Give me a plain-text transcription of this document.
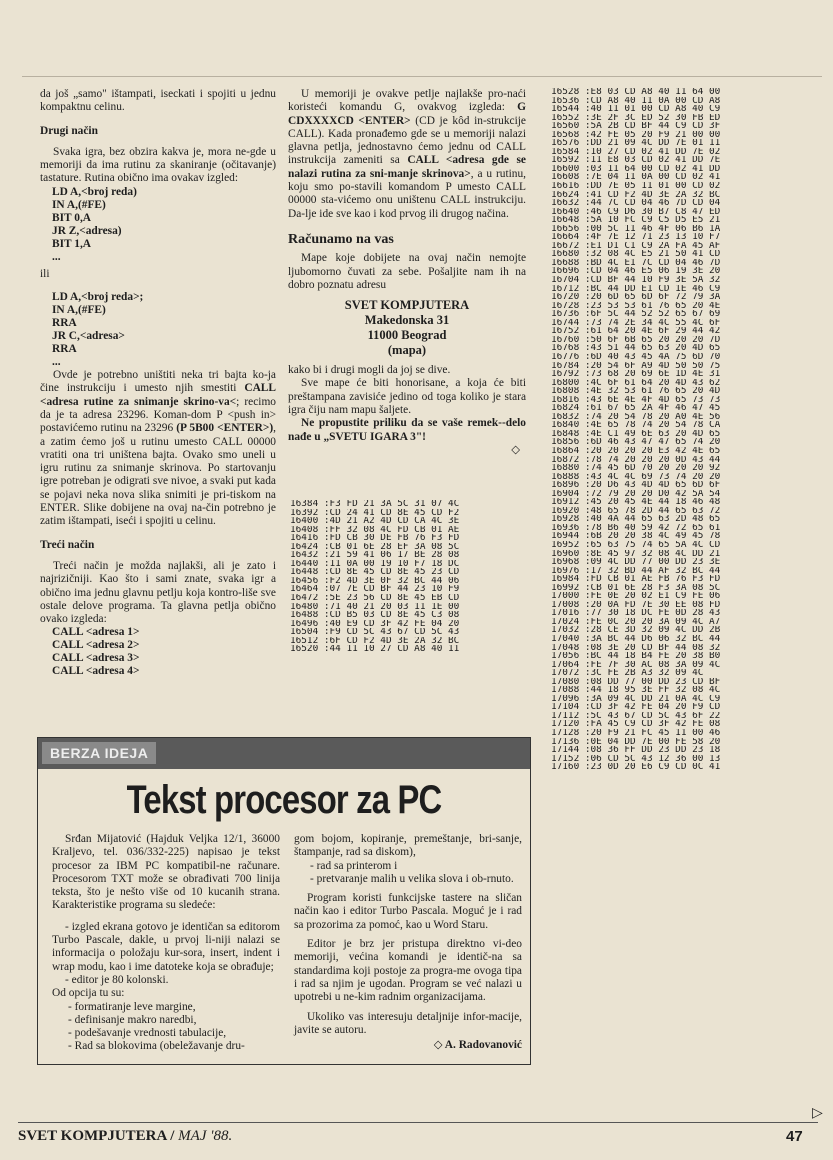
da još „samo" ištampati, iseckati i spojiti u jednu kompaktnu celinu.

Drugi način

Svaka igra, bez obzira kakva je, mora ne-gde u memoriji da ima rutinu za skaniranje (očitavanje) tastature. Rutina obično ima ovakav izgled:

LD A,<broj reda)
IN A,(#FE)
BIT 0,A
JR Z,<adresa)
BIT 1,A
...

ili

LD A,<broj reda>;
IN A,(#FE)
RRA
JR C,<adresa>
RRA
...

Ovde je potrebno uništiti neka tri bajta ko-ja čine instrukciju i umesto njih smestiti CALL <adresa rutine za snimanje skrino-va<; recimo da je ta adresa 23296. Koman-dom P <push in> postavićemo rutinu na 23296 (P 5B00 <ENTER>), a zatim ćemo još u rutinu umesto CALL 00000 vratiti ona tri uništena bajta. Ovako smo uneli u igru rutinu za snimanje skrinova. Po startovanju igre potreban je odigrati sve nivoe, a svaki put kada se pojavi neka nova slika snimiti je pri-tiskom na ENTER. Slike dobijene na ovaj na-čin potrebno je zatim ištampati, iseći i spojiti u celinu.

Treći način

Treći način je možda najlakši, ali je zato i najrizičniji. Kao što i sami znate, svaka igr a obično ima jednu glavnu petlju koja kontro-liše sve ostale delove programa. Ta glavna petlja obično ovako izgleda:

CALL <adresa 1>
CALL <adresa 2>
CALL <adresa 3>
CALL <adresa 4>

U memoriji je ovakve petlje najlakše pro-naći koristeći komandu G, ovakvog izgleda: G CDXXXXCD <ENTER> (CD je kôd in-strukcije CALL). Kada pronađemo gde se u memoriji nalazi glavna petlja, jednostavno ćemo jednu od CALL instrukcija zameniti sa CALL <adresa gde se nalazi rutina za sni-manje skrinova>, a u rutinu, koju smo po-stavili komandom P umesto CALL 00000 sta-vićemo onu uništenu CALL instrukciju. Da-lje ide sve kao i kod prvog ili drugog načina.

Računamo na vas

Mape koje dobijete na ovaj način nemojte ljubomorno čuvati za sebe. Pošaljite nam ih na dobro poznatu adresu

SVET KOMPJUTERA
Makedonska 31
11000 Beograd
(mapa)

kako bi i drugi mogli da joj se dive.

Sve mape će biti honorisane, a koja će biti preštampana zavisiće jedino od toga koliko je stara igra čiju nam mapu šaljete.

Ne propustite priliku da se vaše remek--delo nađe u „SVETU IGARA 3"!

◇

16384 :F3 FD 21 3A 5C 31 07 4C
16392 :CD 24 41 CD 8E 45 CD F2
16400 :4D 21 A2 4D CD CA 4C 3E
16408 :FF 32 08 4C FD CB 01 AE
16416 :FD CB 30 DE FB 76 F3 FD
16424 :CB 01 6E 28 EF 3A 08 5C
16432 :21 59 41 06 17 BE 28 08
16440 :11 0A 00 19 10 F7 18 DC
16448 :CD 8E 45 CD 8E 45 23 CD
16456 :F2 4D 3E 0F 32 BC 44 06
16464 :07 7E CD BF 44 23 10 F9
16472 :5E 23 56 CD 8E 45 EB CD
16480 :71 40 21 20 03 11 1E 00
16488 :CD B5 03 CD 8E 45 C3 08
16496 :40 E9 CD 3F 42 FE 04 20
16504 :F9 CD 5C 43 67 CD 5C 43
16512 :6F CD F2 4D 3E 2A 32 BC
16520 :44 11 10 27 CD A8 40 11
16528 :E8 03 CD A8 40 11 64 00
16536 :CD A8 40 11 0A 00 CD A8
16544 :40 11 01 00 CD A8 40 C9
16552 :3E 2F 3C ED 52 30 FB ED
16560 :5A 2B CD BF 44 C9 CD 3F
16568 :42 FE 05 20 F9 21 00 00
16576 :DD 21 09 4C DD 7E 01 11
16584 :10 27 CD 02 41 DD 7E 02
16592 :11 E8 03 CD 02 41 DD 7E
16600 :03 11 64 00 CD 02 41 DD
16608 :7E 04 11 0A 00 CD 02 41
16616 :DD 7E 05 11 01 00 CD 02
16624 :41 CD F2 4D 3E 2A 32 BC
16632 :44 7C CD 04 46 7D CD 04
16640 :46 C9 D6 30 B7 C8 47 ED
16648 :5A 10 FC C9 C5 D5 E5 21
16656 :00 5C 11 46 4F 06 B6 1A
16664 :4F 7E 12 71 23 13 10 F7
16672 :E1 D1 C1 C9 2A FA 45 AF
16680 :32 08 4C E5 21 50 41 CD
16688 :BD 4C E1 7C CD 04 46 7D
16696 :CD 04 46 E5 06 19 3E 20
16704 :CD BF 44 10 F9 3E 5A 32
16712 :BC 44 DD E1 CD 1E 46 C9
16720 :20 6D 65 6D 6F 72 79 3A
16728 :23 53 53 61 76 65 20 4E
16736 :6F 5C 44 52 52 65 67 69
16744 :73 74 2E 34 4C 55 4C 6F
16752 :61 64 20 4E 6F 29 44 42
16760 :50 6F 6B 65 20 20 20 7D
16768 :43 51 44 65 63 20 4D 65
16776 :6D 40 43 45 4A 75 6D 70
16784 :20 54 6F A9 4D 50 50 75
16792 :73 68 20 69 6E 1D 4E 31
16800 :4C 6F 61 64 20 4D 43 62
16808 :4E 32 53 61 76 65 20 4D
16816 :43 6E 4E 4F 4D 65 73 73
16824 :61 67 65 2A 4F 46 47 45
16832 :74 20 54 78 20 A0 4E 56
16840 :4E 65 78 74 20 54 78 CA
16848 :4E C1 49 6E 63 20 4D 65
16856 :6D 46 43 47 47 65 74 20
16864 :20 20 20 20 E3 42 4E 65
16872 :78 74 20 20 20 0D 43 44
16880 :74 45 6D 70 20 20 20 92
16888 :43 4C 4C 69 73 74 20 20
16896 :20 D6 43 4D 4D 65 6D 6F
16904 :72 79 20 20 D0 42 5A 54
16912 :45 20 45 4E 44 18 46 48
16920 :48 65 78 2D 44 65 63 72
16928 :40 4A 44 65 63 2D 48 65
16936 :78 B6 40 59 42 72 65 61
16944 :6B 20 20 38 4C 49 45 78
16952 :65 63 75 74 65 5A 4C CD
16960 :8E 45 97 32 08 4C DD 21
16968 :09 4C DD 77 00 DD 23 3E
16976 :17 32 BD 44 AF 32 BC 44
16984 :FD CB 01 AE FB 76 F3 FD
16992 :CB 01 6E 28 F3 3A 08 5C
17000 :FE 0E 20 02 E1 C9 FE 06
17008 :20 0A FD 7E 30 EE 08 FD
17016 :77 30 18 DC FE 0D 28 43
17024 :FE 0C 20 20 3A 09 4C A7
17032 :28 CE 3D 32 09 4C DD 2B
17040 :3A BC 44 D6 06 32 BC 44
17048 :08 3E 20 CD BF 44 08 32
17056 :BC 44 18 B4 FE 20 38 B0
17064 :FE 7F 30 AC 08 3A 09 4C
17072 :3C FE 2B A3 32 09 4C
17080 :08 DD 77 00 DD 23 CD BF
17088 :44 18 95 3E FF 32 08 4C
17096 :3A 09 4C DD 21 0A 4C C9
17104 :CD 3F 42 FE 04 20 F9 CD
17112 :5C 43 67 CD 5C 43 6F 22
17120 :FA 45 C9 CD 3F 42 FE 08
17128 :20 F9 21 FC 45 11 00 46
17136 :0E 04 DD 7E 00 FE 58 20
17144 :08 36 FF DD 23 DD 23 18
17152 :06 CD 5C 43 12 36 00 13
17160 :23 0D 20 E6 C9 CD 0C 41
BERZA IDEJA
Tekst procesor za PC

Srđan Mijatović (Hajduk Veljka 12/1, 36000 Kraljevo, tel. 036/332-225) napisao je tekst procesor za IBM PC kompatibil-ne računare. Procesorom TXT može se obrađivati 700 linija teksta, što je nešto više od 10 kucanih strana. Karakteristike programa su sledeće:

- izgled ekrana gotovo je identičan sa editorom Turbo Pascale, dakle, u prvoj li-niji nalazi se informacija o položaju kur-sora, insert, indent i wrap modu, kao i ime datoteke koja se obrađuje;

- editor je 80 kolonski.

Od opcija tu su:

- formatiranje leve margine,
- definisanje makro naredbi,
- podešavanje vrednosti tabulacije,
- Rad sa blokovima (obeležavanje dru-

gom bojom, kopiranje, premeštanje, bri-sanje, štampanje, rad sa diskom),

- rad sa printerom i
- pretvaranje malih u velika slova i ob-rnuto.

Program koristi funkcijske tastere na sličan način kao i editor Turbo Pascala. Moguć je i rad sa prozorima za pomoć, kao u Word Staru.

Editor je brz jer pristupa direktno vi-deo memoriji, većina komandi je identič-na sa standardima koji postoje za progra-me ovoga tipa i rad sa njim je ugodan. Program se već nalazi u upotrebi u ne-kim radnim organizacijama.

Ukoliko vas interesuju detaljnije infor-macije, javite se autoru.

◇ A. Radovanović

SVET KOMPJUTERA / MAJ '88.
▷
47
